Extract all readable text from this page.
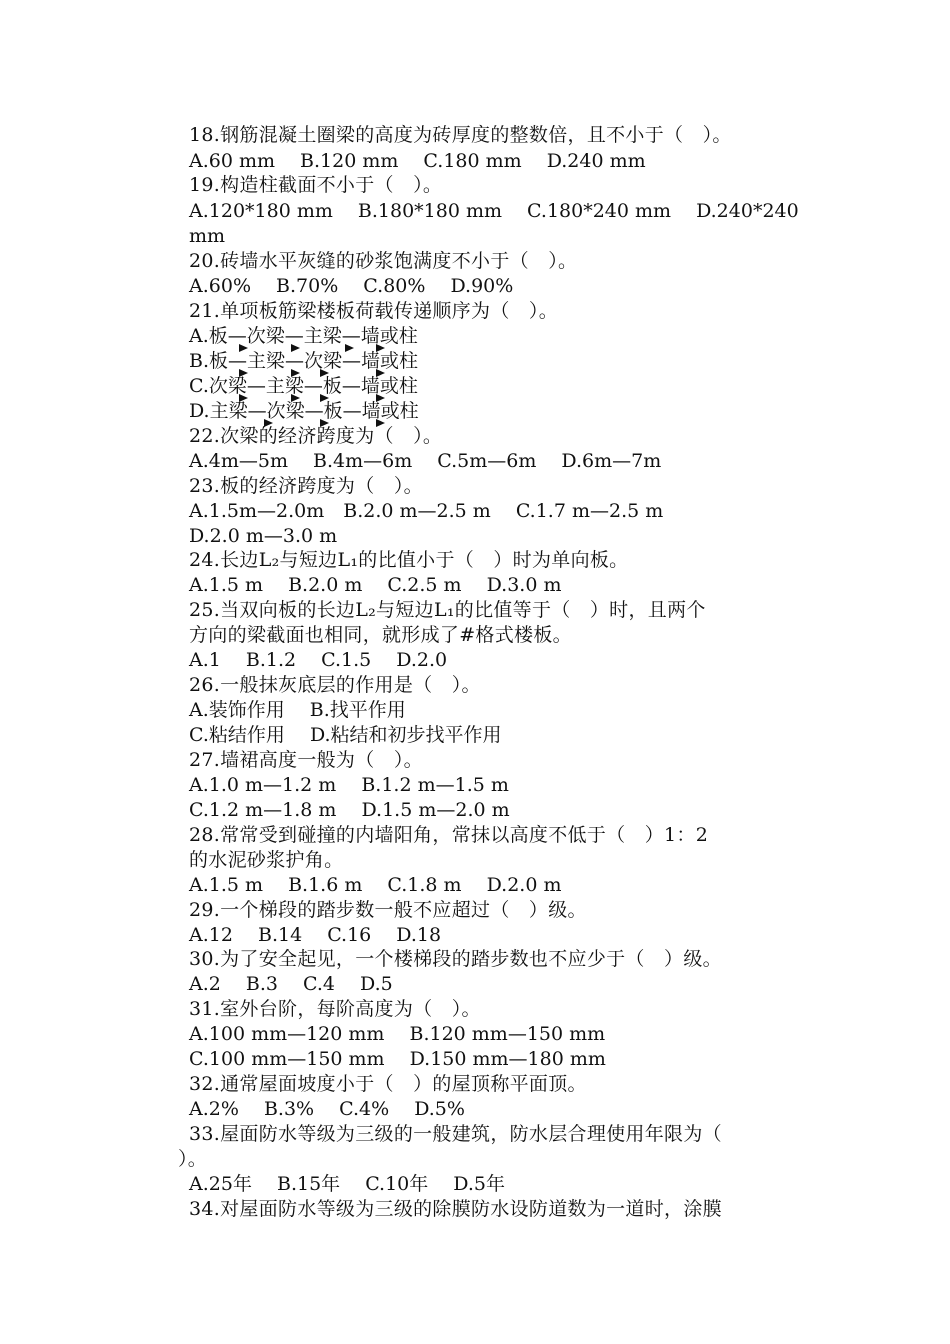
18.钢筋混凝土圈梁的高度为砖厚度的整数倍，且不小于（　）。
A.60 mm　 B.120 mm　 C.180 mm　 D.240 mm
19.构造柱截面不小于（　）。
A.120*180 mm　 B.180*180 mm　 C.180*240 mm　 D.240*240
mm
20.砖墙水平灰缝的砂浆饱满度不小于（　）。
A.60%　 B.70%　 C.80%　 D.90%
21.单项板筋梁楼板荷载传递顺序为（　）。
A.板—次梁—主梁—墙或柱
B.板—主梁—次梁—墙或柱
C.次梁—主梁—板—墙或柱
D.主梁—次梁—板—墙或柱
22.次梁的经济跨度为（　）。
A.4m—5m　 B.4m—6m　 C.5m—6m　 D.6m—7m
23.板的经济跨度为（　）。
A.1.5m—2.0m　B.2.0 m—2.5 m　 C.1.7 m—2.5 m
D.2.0 m—3.0 m
24.长边L₂与短边L₁的比值小于（　）时为单向板。
A.1.5 m　 B.2.0 m　 C.2.5 m　 D.3.0 m
25.当双向板的长边L₂与短边L₁的比值等于（　）时，且两个
方向的梁截面也相同，就形成了#格式楼板。
A.1　 B.1.2　 C.1.5　 D.2.0
26.一般抹灰底层的作用是（　）。
A.装饰作用　 B.找平作用
C.粘结作用　 D.粘结和初步找平作用
27.墙裙高度一般为（　）。
A.1.0 m—1.2 m　 B.1.2 m—1.5 m
C.1.2 m—1.8 m　 D.1.5 m—2.0 m
28.常常受到碰撞的内墙阳角，常抹以高度不低于（　）1：2
的水泥砂浆护角。
A.1.5 m　 B.1.6 m　 C.1.8 m　 D.2.0 m
29.一个梯段的踏步数一般不应超过（　）级。
A.12　 B.14　 C.16　 D.18
30.为了安全起见，一个楼梯段的踏步数也不应少于（　）级。
A.2　 B.3　 C.4　 D.5
31.室外台阶，每阶高度为（　）。
A.100 mm—120 mm　 B.120 mm—150 mm
C.100 mm—150 mm　 D.150 mm—180 mm
32.通常屋面坡度小于（　）的屋顶称平面顶。
A.2%　 B.3%　 C.4%　 D.5%
33.屋面防水等级为三级的一般建筑，防水层合理使用年限为（
）。
A.25年　 B.15年　 C.10年　 D.5年
34.对屋面防水等级为三级的除膜防水设防道数为一道时，涂膜
